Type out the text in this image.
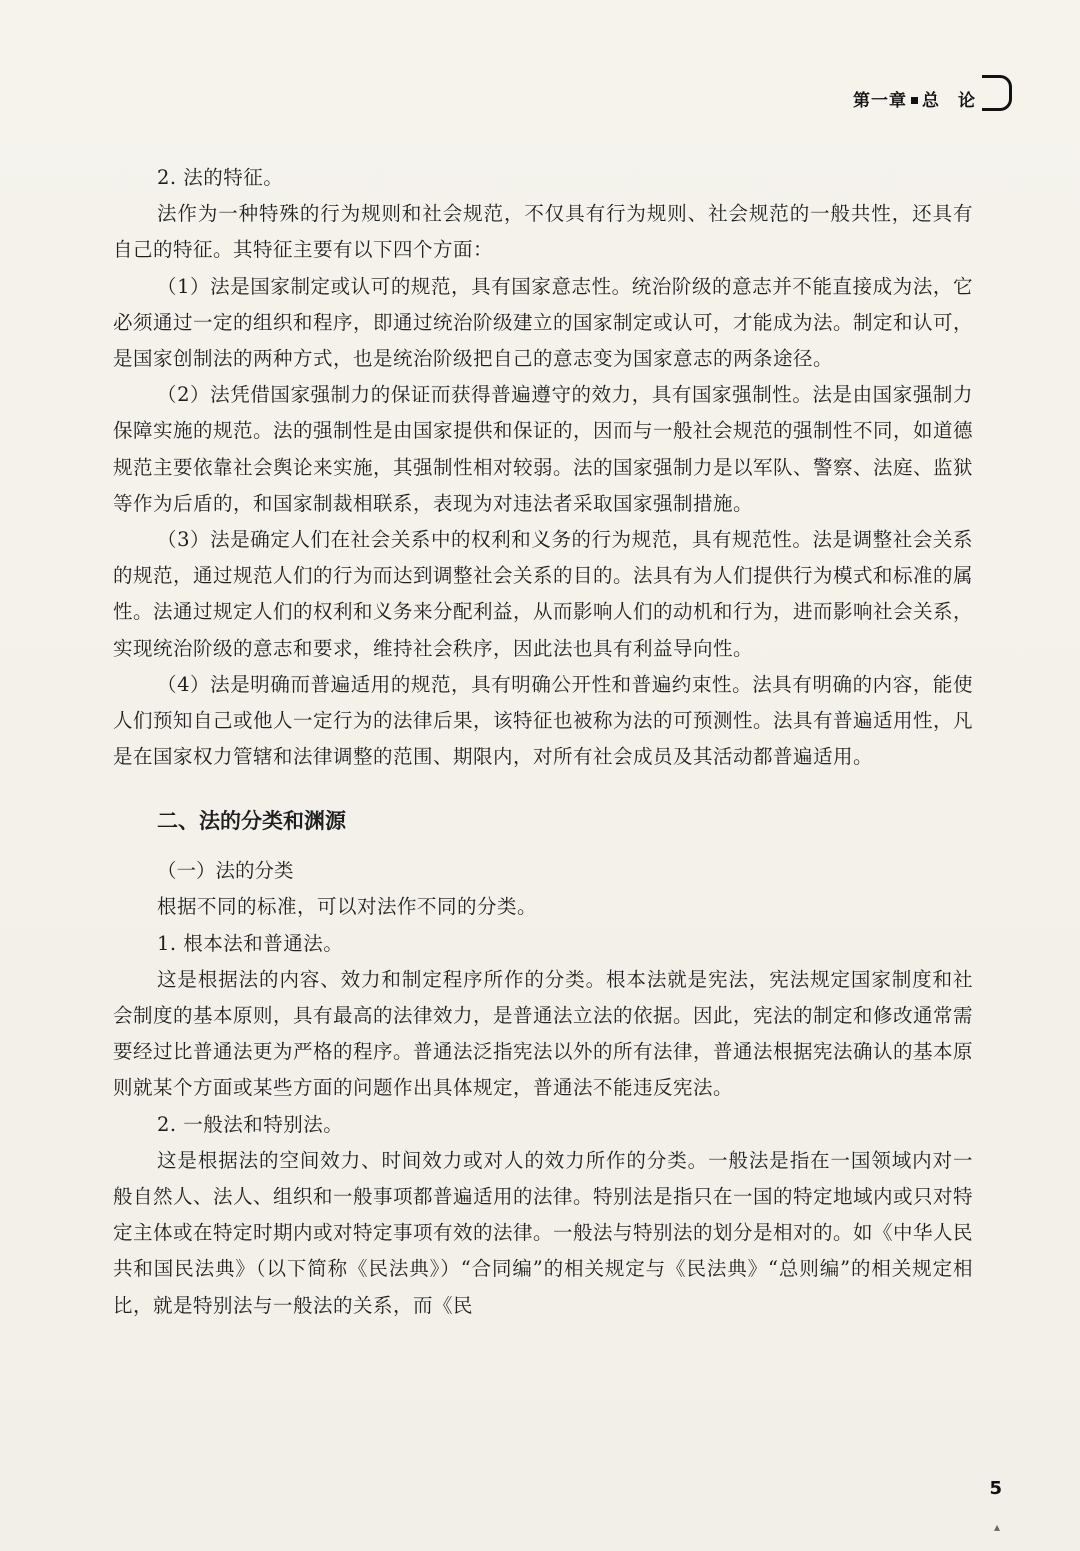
第一章 总　论

2. 法的特征。

法作为一种特殊的行为规则和社会规范，不仅具有行为规则、社会规范的一般共性，还具有自己的特征。其特征主要有以下四个方面：

（1）法是国家制定或认可的规范，具有国家意志性。统治阶级的意志并不能直接成为法，它必须通过一定的组织和程序，即通过统治阶级建立的国家制定或认可，才能成为法。制定和认可，是国家创制法的两种方式，也是统治阶级把自己的意志变为国家意志的两条途径。

（2）法凭借国家强制力的保证而获得普遍遵守的效力，具有国家强制性。法是由国家强制力保障实施的规范。法的强制性是由国家提供和保证的，因而与一般社会规范的强制性不同，如道德规范主要依靠社会舆论来实施，其强制性相对较弱。法的国家强制力是以军队、警察、法庭、监狱等作为后盾的，和国家制裁相联系，表现为对违法者采取国家强制措施。

（3）法是确定人们在社会关系中的权利和义务的行为规范，具有规范性。法是调整社会关系的规范，通过规范人们的行为而达到调整社会关系的目的。法具有为人们提供行为模式和标准的属性。法通过规定人们的权利和义务来分配利益，从而影响人们的动机和行为，进而影响社会关系，实现统治阶级的意志和要求，维持社会秩序，因此法也具有利益导向性。

（4）法是明确而普遍适用的规范，具有明确公开性和普遍约束性。法具有明确的内容，能使人们预知自己或他人一定行为的法律后果，该特征也被称为法的可预测性。法具有普遍适用性，凡是在国家权力管辖和法律调整的范围、期限内，对所有社会成员及其活动都普遍适用。

二、法的分类和渊源
（一）法的分类

根据不同的标准，可以对法作不同的分类。

1. 根本法和普通法。

这是根据法的内容、效力和制定程序所作的分类。根本法就是宪法，宪法规定国家制度和社会制度的基本原则，具有最高的法律效力，是普通法立法的依据。因此，宪法的制定和修改通常需要经过比普通法更为严格的程序。普通法泛指宪法以外的所有法律，普通法根据宪法确认的基本原则就某个方面或某些方面的问题作出具体规定，普通法不能违反宪法。

2. 一般法和特别法。

这是根据法的空间效力、时间效力或对人的效力所作的分类。一般法是指在一国领域内对一般自然人、法人、组织和一般事项都普遍适用的法律。特别法是指只在一国的特定地域内或只对特定主体或在特定时期内或对特定事项有效的法律。一般法与特别法的划分是相对的。如《中华人民共和国民法典》（以下简称《民法典》）“合同编”的相关规定与《民法典》“总则编”的相关规定相比，就是特别法与一般法的关系，而《民

5
▴
